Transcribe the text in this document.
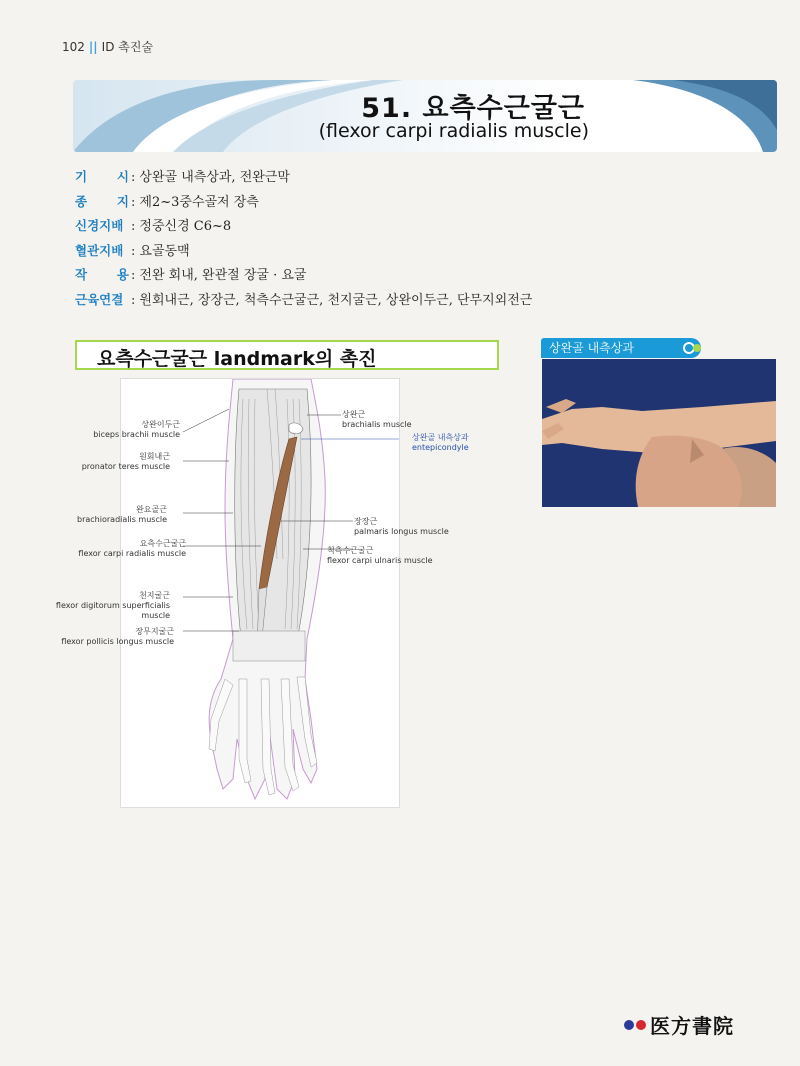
102 || ID 촉진술
51. 요측수근굴근
(flexor carpi radialis muscle)
기 시 : 상완골 내측상과, 전완근막
종 지 : 제2~3중수골저 장측
신경지배 : 정중신경 C6~8
혈관지배 : 요골동맥
작 용 : 전완 회내, 완관절 장굴 · 요굴
근육연결 : 원회내근, 장장근, 척측수근굴근, 천지굴근, 상완이두근, 단무지외전근
요측수근굴근 landmark의 촉진	상완골 내측상과
상완이두근
biceps brachii muscle
원회내근
pronator teres muscle
완요골근
brachioradialis muscle
요측수근굴근
flexor carpi radialis muscle
천지굴근
flexor digitorum superficialis
muscle
장무지굴근
flexor pollicis longus muscle
상완근
brachialis muscle
상완골 내측상과
entepicondyle
장장근
palmaris longus muscle
척측수근굴근
flexor carpi ulnaris muscle
医方書院
